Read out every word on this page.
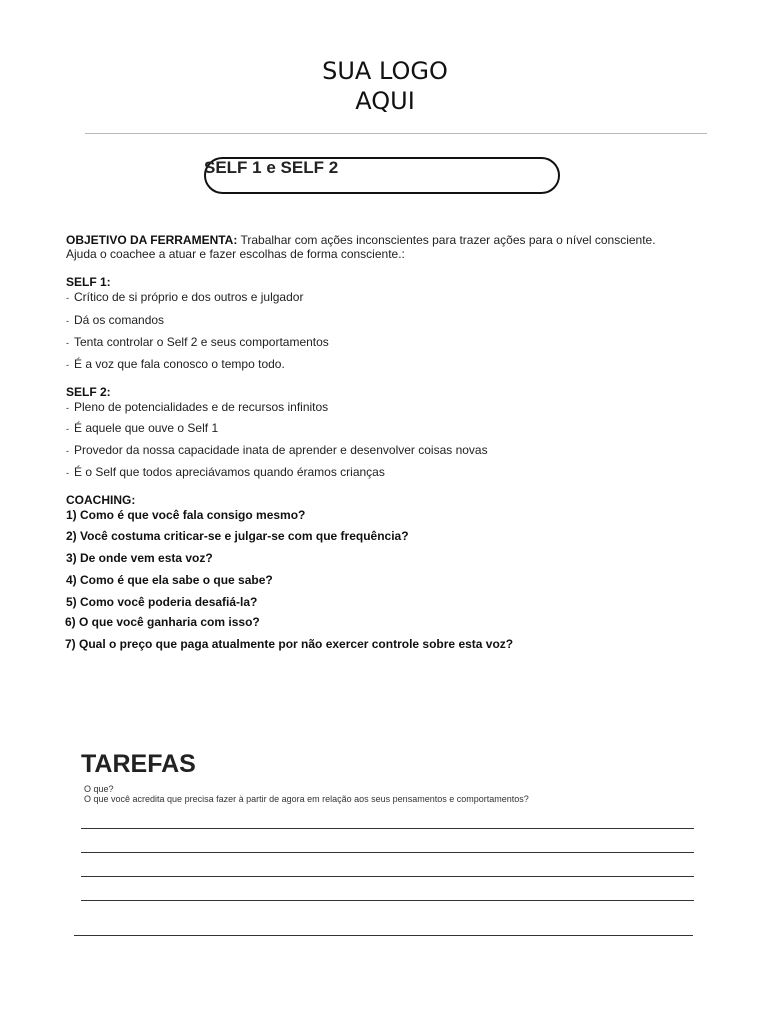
SUA LOGO
AQUI
SELF 1 e SELF 2
OBJETIVO DA FERRAMENTA: Trabalhar com ações inconscientes para trazer ações para o nível consciente.
Ajuda o coachee a atuar e fazer escolhas de forma consciente.:
SELF 1:
- Crítico de si próprio e dos outros e julgador
- Dá os comandos
- Tenta controlar o Self 2 e seus comportamentos
- É a voz que fala conosco o tempo todo.
SELF 2:
- Pleno de potencialidades e de recursos infinitos
- É aquele que ouve o Self 1
- Provedor da nossa capacidade inata de aprender e desenvolver coisas novas
- É o Self que todos apreciávamos quando éramos crianças
COACHING:
1) Como é que você fala consigo mesmo?
2) Você costuma criticar-se e julgar-se com que frequência?
3) De onde vem esta voz?
4) Como é que ela sabe o que sabe?
5) Como você poderia desafiá-la?
6) O que você ganharia com isso?
7) Qual o preço que paga atualmente por não exercer controle sobre esta voz?
TAREFAS
O que?
O que você acredita que precisa fazer à partir de agora em relação aos seus pensamentos e comportamentos?
